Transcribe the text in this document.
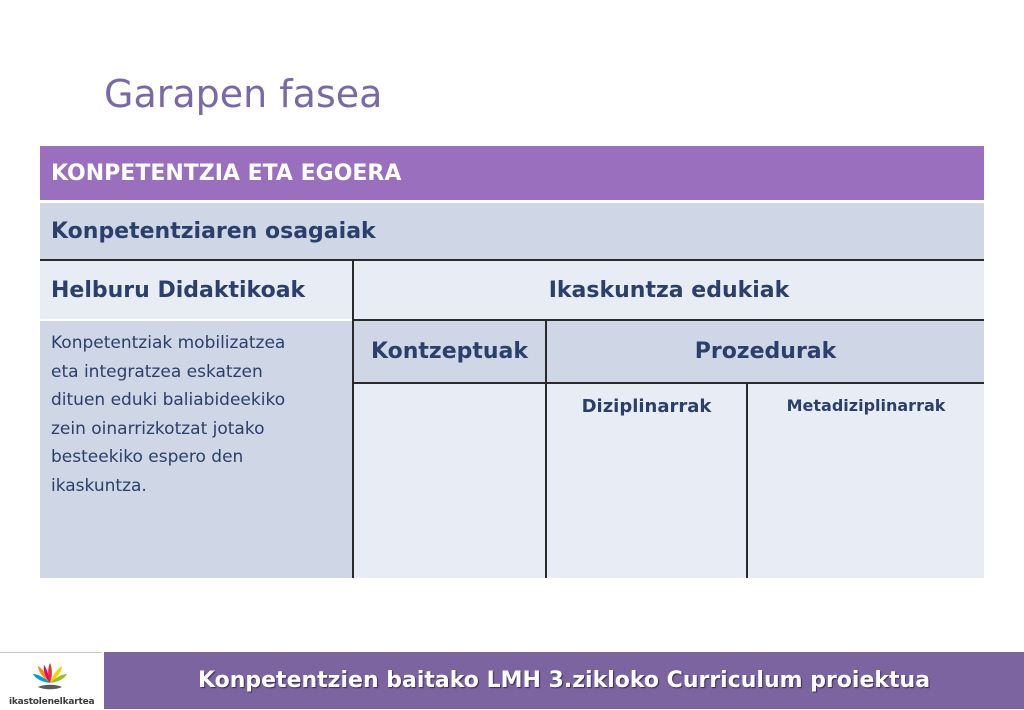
Garapen fasea
KONPETENTZIA ETA EGOERA
Konpetentziaren osagaiak
Helburu Didaktikoak	Ikaskuntza edukiak
Konpetentziak mobilizatzea
eta integratzea eskatzen
dituen eduki baliabideekiko
zein oinarrizkotzat jotako
besteekiko espero den
ikaskuntza.
Kontzeptuak	Prozedurak
Diziplinarrak	Metadiziplinarrak
ikastolenelkartea
Konpetentzien baitako LMH 3.zikloko Curriculum proiektua
